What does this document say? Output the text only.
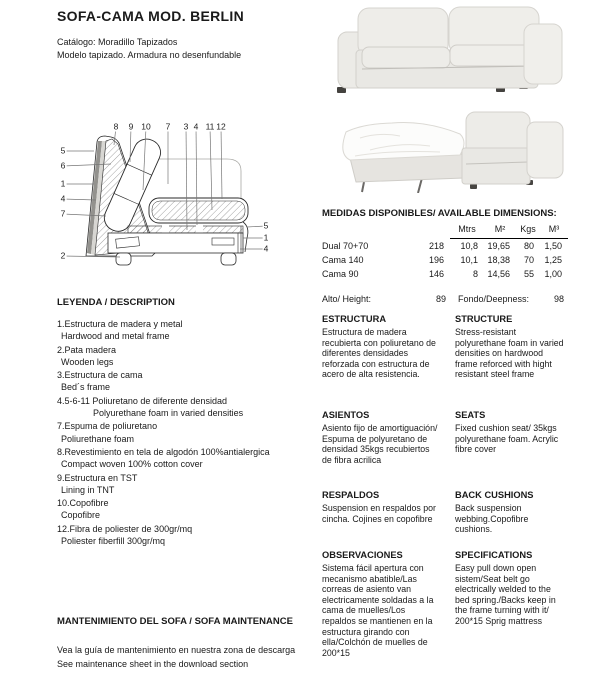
SOFA-CAMA MOD. BERLIN
Catálogo: Moradillo Tapizados
Modelo tapizado. Armadura no desenfundable
8 9 10 7 3 4 11 12
5
6
1
4
7
2
5
1
4
MEDIDAS DISPONIBLES/ AVAILABLE DIMENSIONS:
		Mtrs	M²	Kgs	M³
Dual 70+70	218	10,8	19,65	80	1,50
Cama 140	196	10,1	18,38	70	1,25
Cama 90	146	8	14,56	55	1,00
Alto/ Height:	89 Fondo/Deepness:	98
LEYENDA / DESCRIPTION
1.Estructura de madera y metal
Hardwood and metal frame
2.Pata madera
Wooden legs
3.Estructura de cama
Bed´s frame
4.5-6-11 Poliuretano de diferente densidad
Polyurethane foam in varied densities
7.Espuma de poliuretano
Poliurethane foam
8.Revestimiento en tela de algodón 100%antialergica
Compact woven 100% cotton cover
9.Estructura en TST
Lining in TNT
10.Copofibre
Copofibre
12.Fibra de poliester de 300gr/mq
Poliester fiberfill 300gr/mq
ESTRUCTURA
Estructura de madera recubierta con poliuretano de diferentes densidades reforzada con estructura de acero de alta resistencia.
STRUCTURE
Stress-resistant polyurethane foam in varied densities on hardwood frame reforced with hight resistant steel frame
ASIENTOS
Asiento fijo de amortiguación/ Espuma de polyuretano de densidad 35kgs recubiertos de fibra acrilica
SEATS
Fixed cushion seat/ 35kgs polyurethane foam. Acrylic fibre cover
RESPALDOS
Suspension en respaldos por cincha. Cojines en copofibre
BACK CUSHIONS
Back suspension webbing.Copofibre cushions.
OBSERVACIONES
Sistema fácil apertura con mecanismo abatible/Las correas de asiento van electricamente soldadas a la cama de muelles/Los repaldos se mantienen en la estructura girando con ella/Colchón de muelles de 200*15
SPECIFICATIONS
Easy pull down open sistem/Seat belt go electrically welded to the bed spring./Backs keep in the frame turning with it/ 200*15 Sprig mattress
MANTENIMIENTO DEL SOFA / SOFA MAINTENANCE
Vea la guía de mantenimiento en nuestra zona de descarga
See maintenance sheet in the download section
